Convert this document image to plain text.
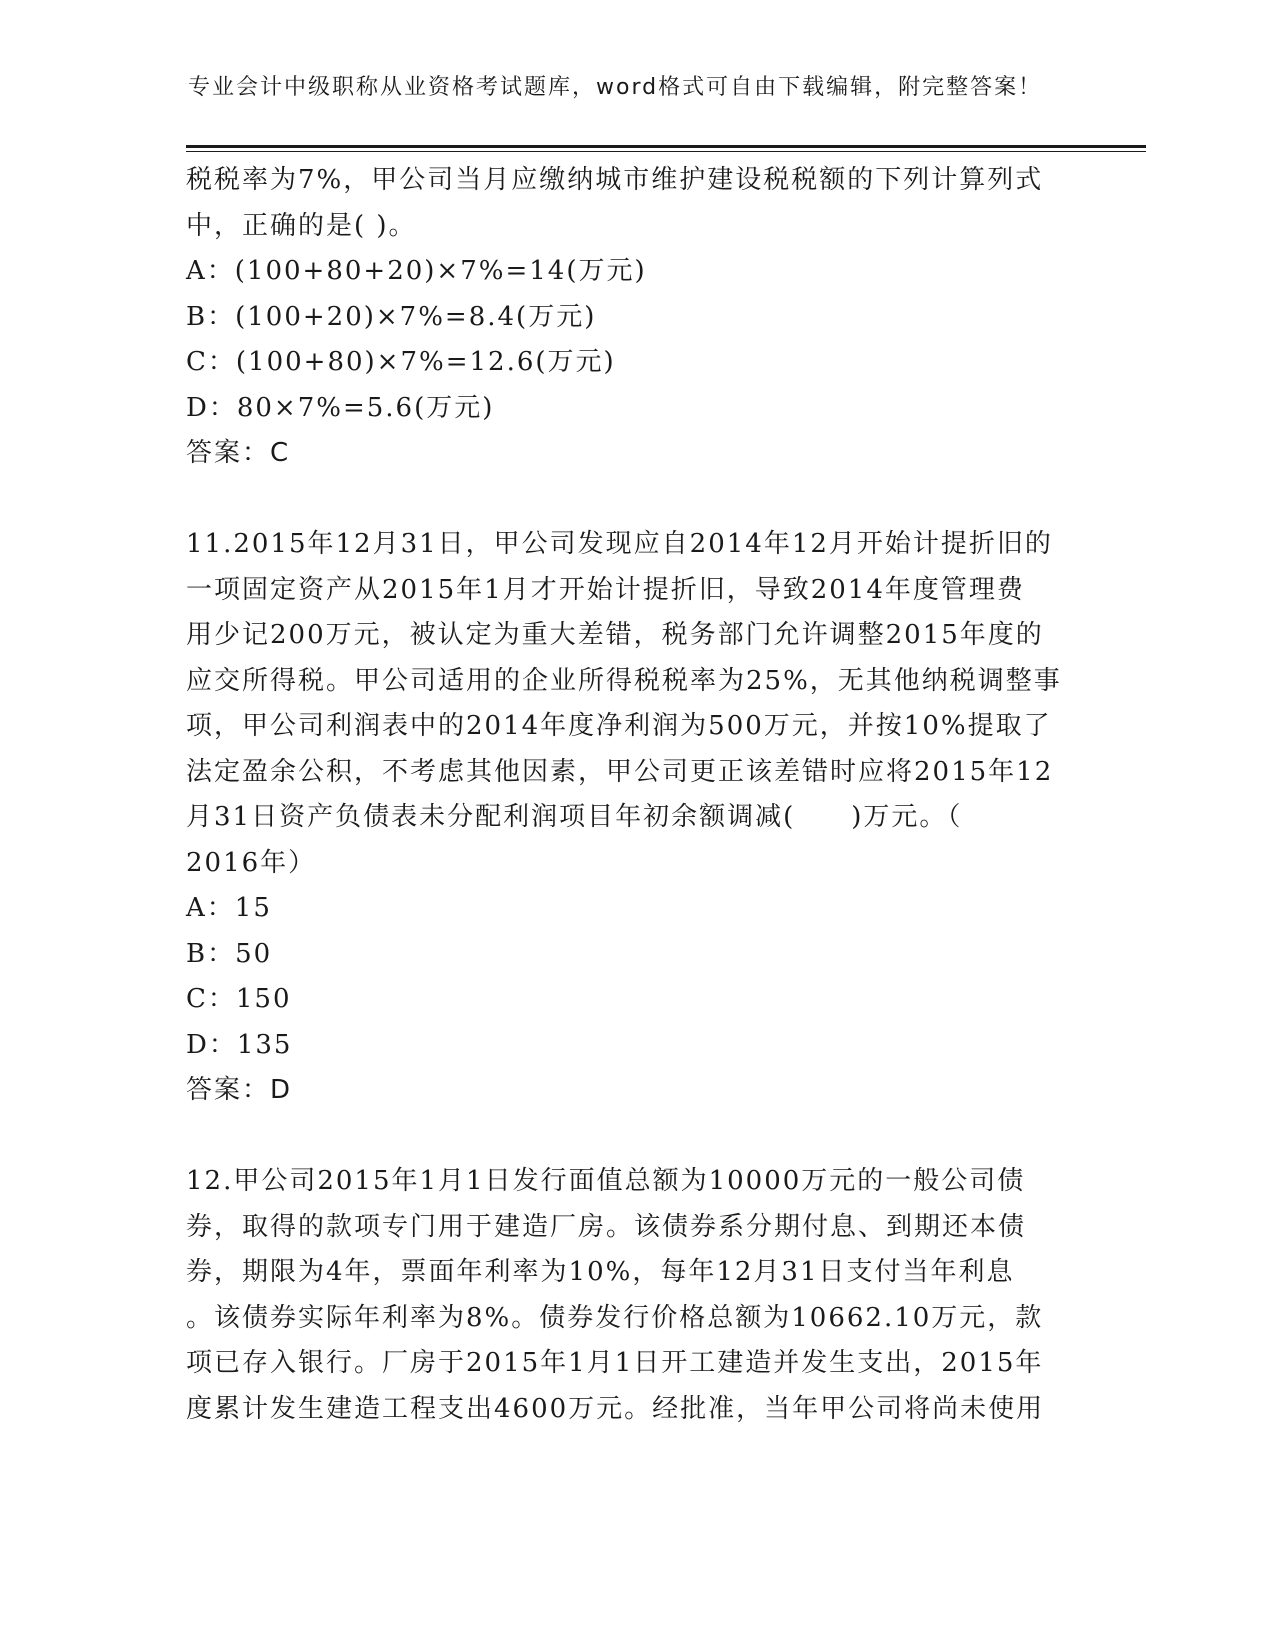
专业会计中级职称从业资格考试题库，word格式可自由下载编辑，附完整答案！
税税率为7%，甲公司当月应缴纳城市维护建设税税额的下列计算列式
中，正确的是( )。
A：(100+80+20)×7%=14(万元)
B：(100+20)×7%=8.4(万元)
C：(100+80)×7%=12.6(万元)
D：80×7%=5.6(万元)
答案：C
11.2015年12月31日，甲公司发现应自2014年12月开始计提折旧的
一项固定资产从2015年1月才开始计提折旧，导致2014年度管理费
用少记200万元，被认定为重大差错，税务部门允许调整2015年度的
应交所得税。甲公司适用的企业所得税税率为25%，无其他纳税调整事
项，甲公司利润表中的2014年度净利润为500万元，并按10%提取了
法定盈余公积，不考虑其他因素，甲公司更正该差错时应将2015年12
月31日资产负债表未分配利润项目年初余额调减(　　)万元。（
2016年）
A：15
B：50
C：150
D：135
答案：D
12.甲公司2015年1月1日发行面值总额为10000万元的一般公司债
券，取得的款项专门用于建造厂房。该债券系分期付息、到期还本债
券，期限为4年，票面年利率为10%，每年12月31日支付当年利息
。该债券实际年利率为8%。债券发行价格总额为10662.10万元，款
项已存入银行。厂房于2015年1月1日开工建造并发生支出，2015年
度累计发生建造工程支出4600万元。经批准，当年甲公司将尚未使用
